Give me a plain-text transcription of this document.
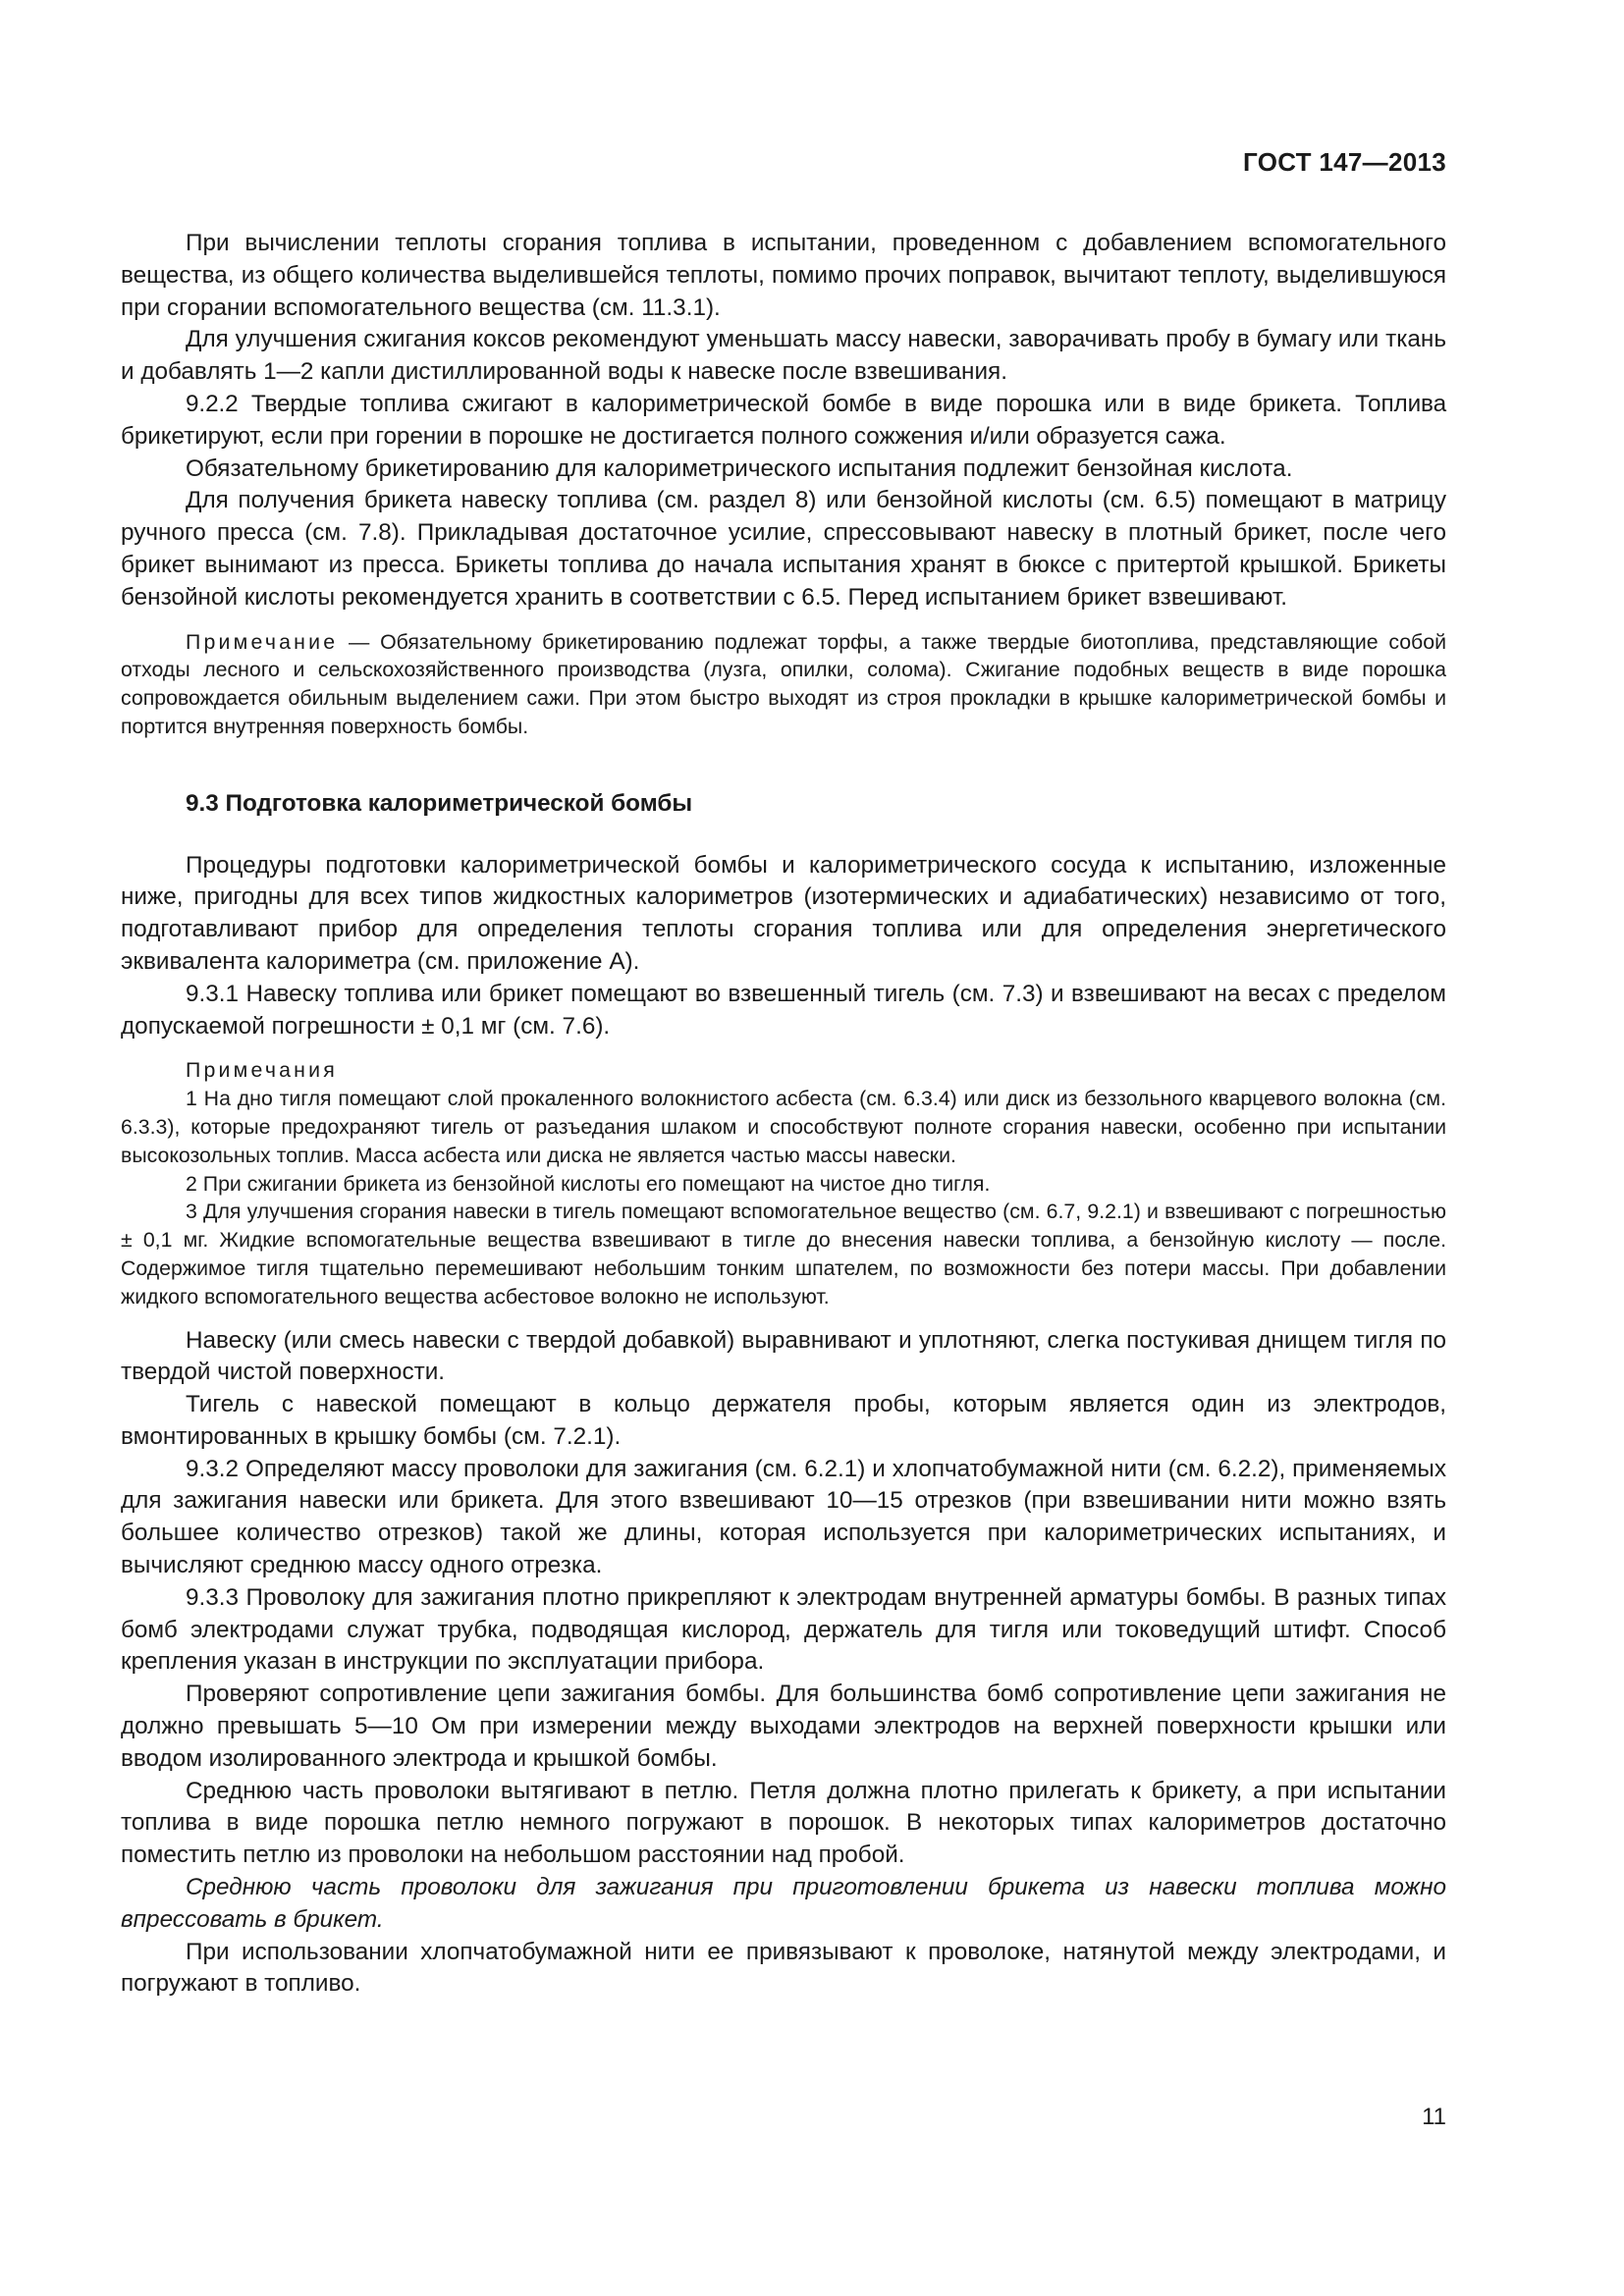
ГОСТ 147—2013

При вычислении теплоты сгорания топлива в испытании, проведенном с добавлением вспомогательного вещества, из общего количества выделившейся теплоты, помимо прочих поправок, вычитают теплоту, выделившуюся при сгорании вспомогательного вещества (см. 11.3.1).

Для улучшения сжигания коксов рекомендуют уменьшать массу навески, заворачивать пробу в бумагу или ткань и добавлять 1—2 капли дистиллированной воды к навеске после взвешивания.

9.2.2 Твердые топлива сжигают в калориметрической бомбе в виде порошка или в виде брикета. Топлива брикетируют, если при горении в порошке не достигается полного сожжения и/или образуется сажа.

Обязательному брикетированию для калориметрического испытания подлежит бензойная кислота.

Для получения брикета навеску топлива (см. раздел 8) или бензойной кислоты (см. 6.5) помещают в матрицу ручного пресса (см. 7.8). Прикладывая достаточное усилие, спрессовывают навеску в плотный брикет, после чего брикет вынимают из пресса. Брикеты топлива до начала испытания хранят в бюксе с притертой крышкой. Брикеты бензойной кислоты рекомендуется хранить в соответствии с 6.5. Перед испытанием брикет взвешивают.

Примечание — Обязательному брикетированию подлежат торфы, а также твердые биотоплива, представляющие собой отходы лесного и сельскохозяйственного производства (лузга, опилки, солома). Сжигание подобных веществ в виде порошка сопровождается обильным выделением сажи. При этом быстро выходят из строя прокладки в крышке калориметрической бомбы и портится внутренняя поверхность бомбы.
9.3 Подготовка калориметрической бомбы

Процедуры подготовки калориметрической бомбы и калориметрического сосуда к испытанию, изложенные ниже, пригодны для всех типов жидкостных калориметров (изотермических и адиабатических) независимо от того, подготавливают прибор для определения теплоты сгорания топлива или для определения энергетического эквивалента калориметра (см. приложение А).

9.3.1 Навеску топлива или брикет помещают во взвешенный тигель (см. 7.3) и взвешивают на весах с пределом допускаемой погрешности ± 0,1 мг (см. 7.6).

Примечания
1 На дно тигля помещают слой прокаленного волокнистого асбеста (см. 6.3.4) или диск из беззольного кварцевого волокна (см. 6.3.3), которые предохраняют тигель от разъедания шлаком и способствуют полноте сгорания навески, особенно при испытании высокозольных топлив. Масса асбеста или диска не является частью массы навески.
2 При сжигании брикета из бензойной кислоты его помещают на чистое дно тигля.
3 Для улучшения сгорания навески в тигель помещают вспомогательное вещество (см. 6.7, 9.2.1) и взвешивают с погрешностью ± 0,1 мг. Жидкие вспомогательные вещества взвешивают в тигле до внесения навески топлива, а бензойную кислоту — после. Содержимое тигля тщательно перемешивают небольшим тонким шпателем, по возможности без потери массы. При добавлении жидкого вспомогательного вещества асбестовое волокно не используют.

Навеску (или смесь навески с твердой добавкой) выравнивают и уплотняют, слегка постукивая днищем тигля по твердой чистой поверхности.

Тигель с навеской помещают в кольцо держателя пробы, которым является один из электродов, вмонтированных в крышку бомбы (см. 7.2.1).

9.3.2 Определяют массу проволоки для зажигания (см. 6.2.1) и хлопчатобумажной нити (см. 6.2.2), применяемых для зажигания навески или брикета. Для этого взвешивают 10—15 отрезков (при взвешивании нити можно взять большее количество отрезков) такой же длины, которая используется при калориметрических испытаниях, и вычисляют среднюю массу одного отрезка.

9.3.3 Проволоку для зажигания плотно прикрепляют к электродам внутренней арматуры бомбы. В разных типах бомб электродами служат трубка, подводящая кислород, держатель для тигля или токоведущий штифт. Способ крепления указан в инструкции по эксплуатации прибора.

Проверяют сопротивление цепи зажигания бомбы. Для большинства бомб сопротивление цепи зажигания не должно превышать 5—10 Ом при измерении между выходами электродов на верхней поверхности крышки или вводом изолированного электрода и крышкой бомбы.

Среднюю часть проволоки вытягивают в петлю. Петля должна плотно прилегать к брикету, а при испытании топлива в виде порошка петлю немного погружают в порошок. В некоторых типах калориметров достаточно поместить петлю из проволоки на небольшом расстоянии над пробой.

Среднюю часть проволоки для зажигания при приготовлении брикета из навески топлива можно впрессовать в брикет.

При использовании хлопчатобумажной нити ее привязывают к проволоке, натянутой между электродами, и погружают в топливо.

11
